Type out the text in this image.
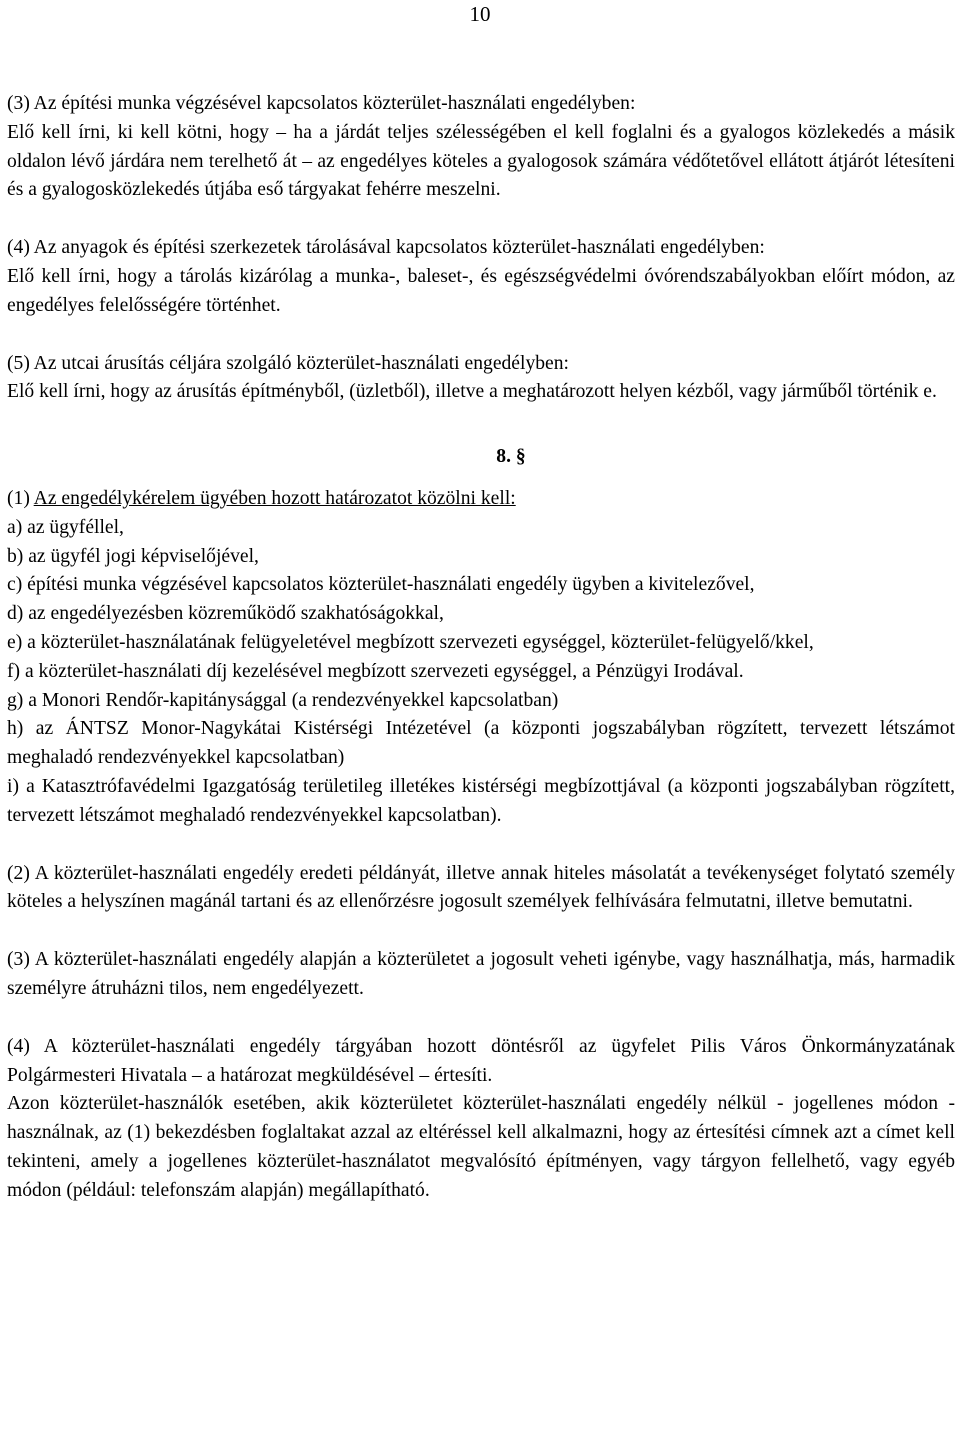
10

(3) Az építési munka végzésével kapcsolatos közterület-használati engedélyben:

Elő kell írni, ki kell kötni, hogy – ha a járdát teljes szélességében el kell foglalni és a gyalogos közlekedés a másik oldalon lévő járdára nem terelhető át – az engedélyes köteles a gyalogosok számára védőtetővel ellátott átjárót létesíteni és a gyalogosközlekedés útjába eső tárgyakat fehérre meszelni.

(4) Az anyagok és építési szerkezetek tárolásával kapcsolatos közterület-használati engedélyben:

Elő kell írni, hogy a tárolás kizárólag a munka-, baleset-, és egészségvédelmi óvórendszabályokban előírt módon, az engedélyes felelősségére történhet.

(5) Az utcai árusítás céljára szolgáló közterület-használati engedélyben:

Elő kell írni, hogy az árusítás építményből, (üzletből), illetve a meghatározott helyen kézből, vagy járműből történik e.

8. §

(1) Az engedélykérelem ügyében hozott határozatot közölni kell:

a) az ügyféllel,

b) az ügyfél jogi képviselőjével,

c) építési munka végzésével kapcsolatos közterület-használati engedély ügyben a kivitelezővel,

d) az engedélyezésben közreműködő szakhatóságokkal,

e) a közterület-használatának felügyeletével megbízott szervezeti egységgel, közterület-felügyelő/kkel,

f) a közterület-használati díj kezelésével megbízott szervezeti egységgel, a Pénzügyi Irodával.

g) a Monori Rendőr-kapitánysággal (a rendezvényekkel kapcsolatban)

h) az ÁNTSZ Monor-Nagykátai Kistérségi Intézetével (a központi jogszabályban rögzített, tervezett létszámot meghaladó rendezvényekkel kapcsolatban)

i) a Katasztrófavédelmi Igazgatóság területileg illetékes kistérségi megbízottjával (a központi jogszabályban rögzített, tervezett létszámot meghaladó rendezvényekkel kapcsolatban).

(2) A közterület-használati engedély eredeti példányát, illetve annak hiteles másolatát a tevékenységet folytató személy köteles a helyszínen magánál tartani és az ellenőrzésre jogosult személyek felhívására felmutatni, illetve bemutatni.

(3) A közterület-használati engedély alapján a közterületet a jogosult veheti igénybe, vagy használhatja, más, harmadik személyre átruházni tilos, nem engedélyezett.

(4) A közterület-használati engedély tárgyában hozott döntésről az ügyfelet Pilis Város Önkormányzatának Polgármesteri Hivatala – a határozat megküldésével – értesíti.

Azon közterület-használók esetében, akik közterületet közterület-használati engedély nélkül - jogellenes módon - használnak, az (1) bekezdésben foglaltakat azzal az eltéréssel kell alkalmazni, hogy az értesítési címnek azt a címet kell tekinteni, amely a jogellenes közterület-használatot megvalósító építményen, vagy tárgyon fellelhető, vagy egyéb módon (például: telefonszám alapján) megállapítható.
